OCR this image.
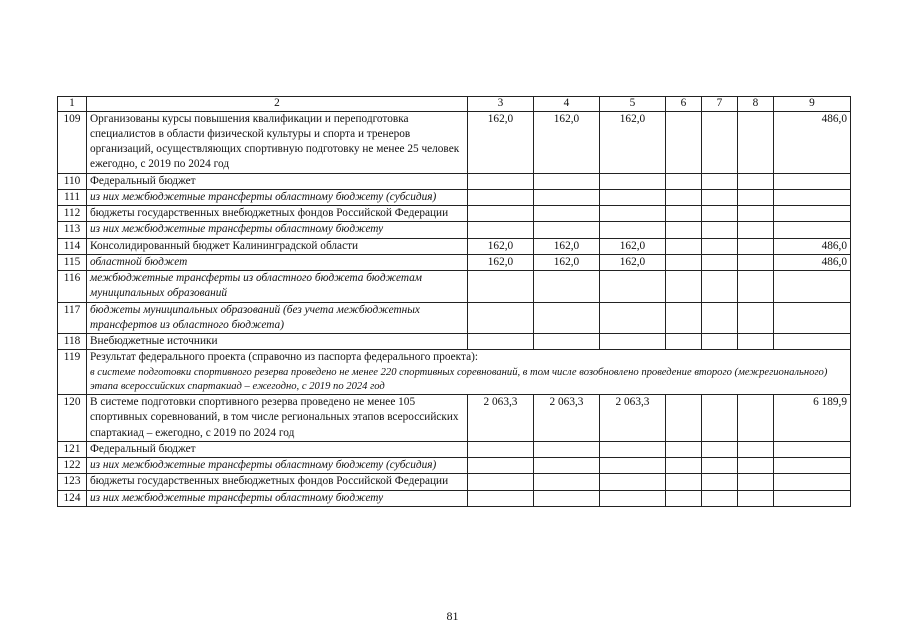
1	2	3	4	5	6	7	8	9
109	Организованы курсы повышения квалификации и переподготовка специалистов в области физической культуры и спорта и тренеров организаций, осуществляющих спортивную подготовку не менее 25 человек ежегодно, с 2019 по 2024 год	162,0	162,0	162,0				486,0
110	Федеральный бюджет							
111	из них межбюджетные трансферты областному бюджету (субсидия)							
112	бюджеты государственных внебюджетных фондов Российской Федерации							
113	из них межбюджетные трансферты областному бюджету							
114	Консолидированный бюджет Калининградской области	162,0	162,0	162,0				486,0
115	областной бюджет	162,0	162,0	162,0				486,0
116	межбюджетные трансферты из областного бюджета бюджетам муниципальных образований							
117	бюджеты муниципальных образований (без учета межбюджетных трансфертов из областного бюджета)							
118	Внебюджетные источники							
119	Результат федерального проекта (справочно из паспорта федерального проекта):
в системе подготовки спортивного резерва проведено не менее 220 спортивных соревнований, в том числе возобновлено проведение второго (межрегионального) этапа всероссийских спартакиад – ежегодно, с 2019 по 2024 год							

120	В системе подготовки спортивного резерва проведено не менее 105 спортивных соревнований, в том числе региональных этапов всероссийских спартакиад – ежегодно, с 2019 по 2024 год	2 063,3	2 063,3	2 063,3				6 189,9
121	Федеральный бюджет							
122	из них межбюджетные трансферты областному бюджету (субсидия)							
123	бюджеты государственных внебюджетных фондов Российской Федерации							
124	из них межбюджетные трансферты областному бюджету							
81
